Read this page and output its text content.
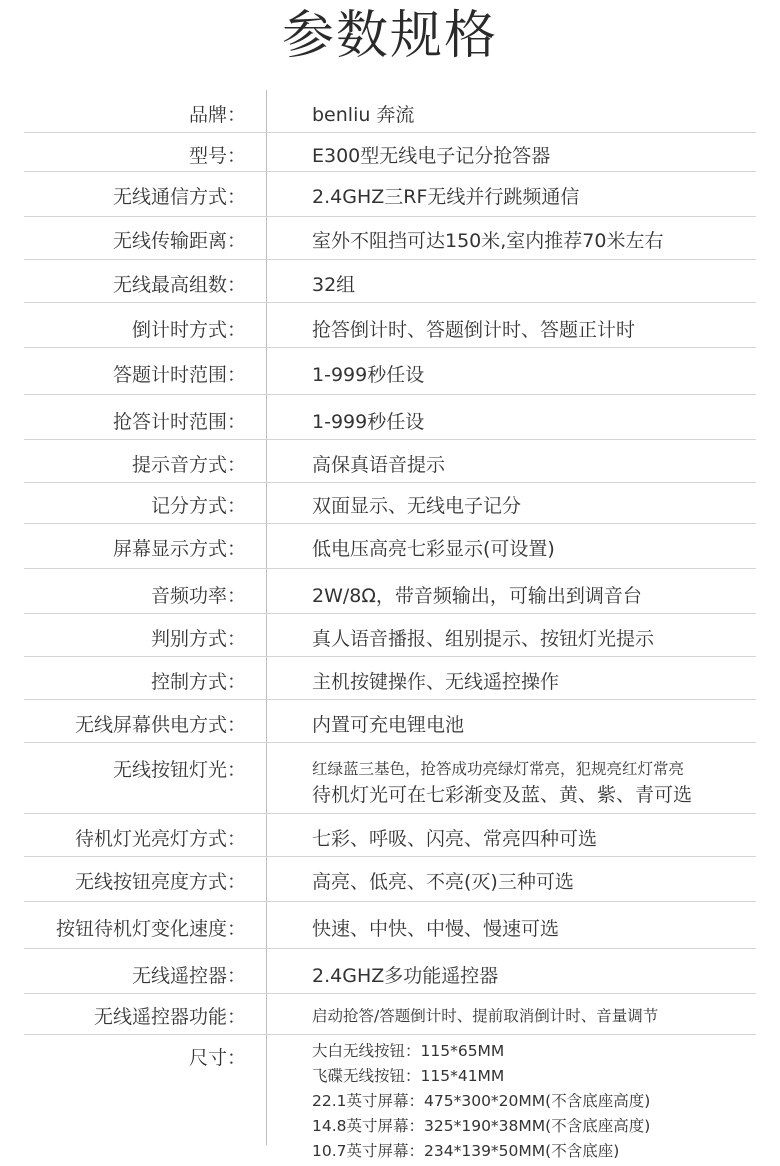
参数规格
品牌：	benliu 奔流
型号：	E300型无线电子记分抢答器
无线通信方式：	2.4GHZ三RF无线并行跳频通信
无线传输距离：	室外不阻挡可达150米,室内推荐70米左右
无线最高组数：	32组
倒计时方式：	抢答倒计时、答题倒计时、答题正计时
答题计时范围：	1-999秒任设
抢答计时范围：	1-999秒任设
提示音方式：	高保真语音提示
记分方式：	双面显示、无线电子记分
屏幕显示方式：	低电压高亮七彩显示(可设置)
音频功率：	2W/8Ω，带音频输出，可输出到调音台
判别方式：	真人语音播报、组别提示、按钮灯光提示
控制方式：	主机按键操作、无线遥控操作
无线屏幕供电方式：	内置可充电锂电池
无线按钮灯光：	红绿蓝三基色，抢答成功亮绿灯常亮，犯规亮红灯常亮
待机灯光可在七彩渐变及蓝、黄、紫、青可选
待机灯光亮灯方式：	七彩、呼吸、闪亮、常亮四种可选
无线按钮亮度方式：	高亮、低亮、不亮(灭)三种可选
按钮待机灯变化速度：	快速、中快、中慢、慢速可选
无线遥控器：	2.4GHZ多功能遥控器
无线遥控器功能：	启动抢答/答题倒计时、提前取消倒计时、音量调节
尺寸：	大白无线按钮：115*65MM
飞碟无线按钮：115*41MM
22.1英寸屏幕：475*300*20MM(不含底座高度)
14.8英寸屏幕：325*190*38MM(不含底座高度)
10.7英寸屏幕：234*139*50MM(不含底座)
